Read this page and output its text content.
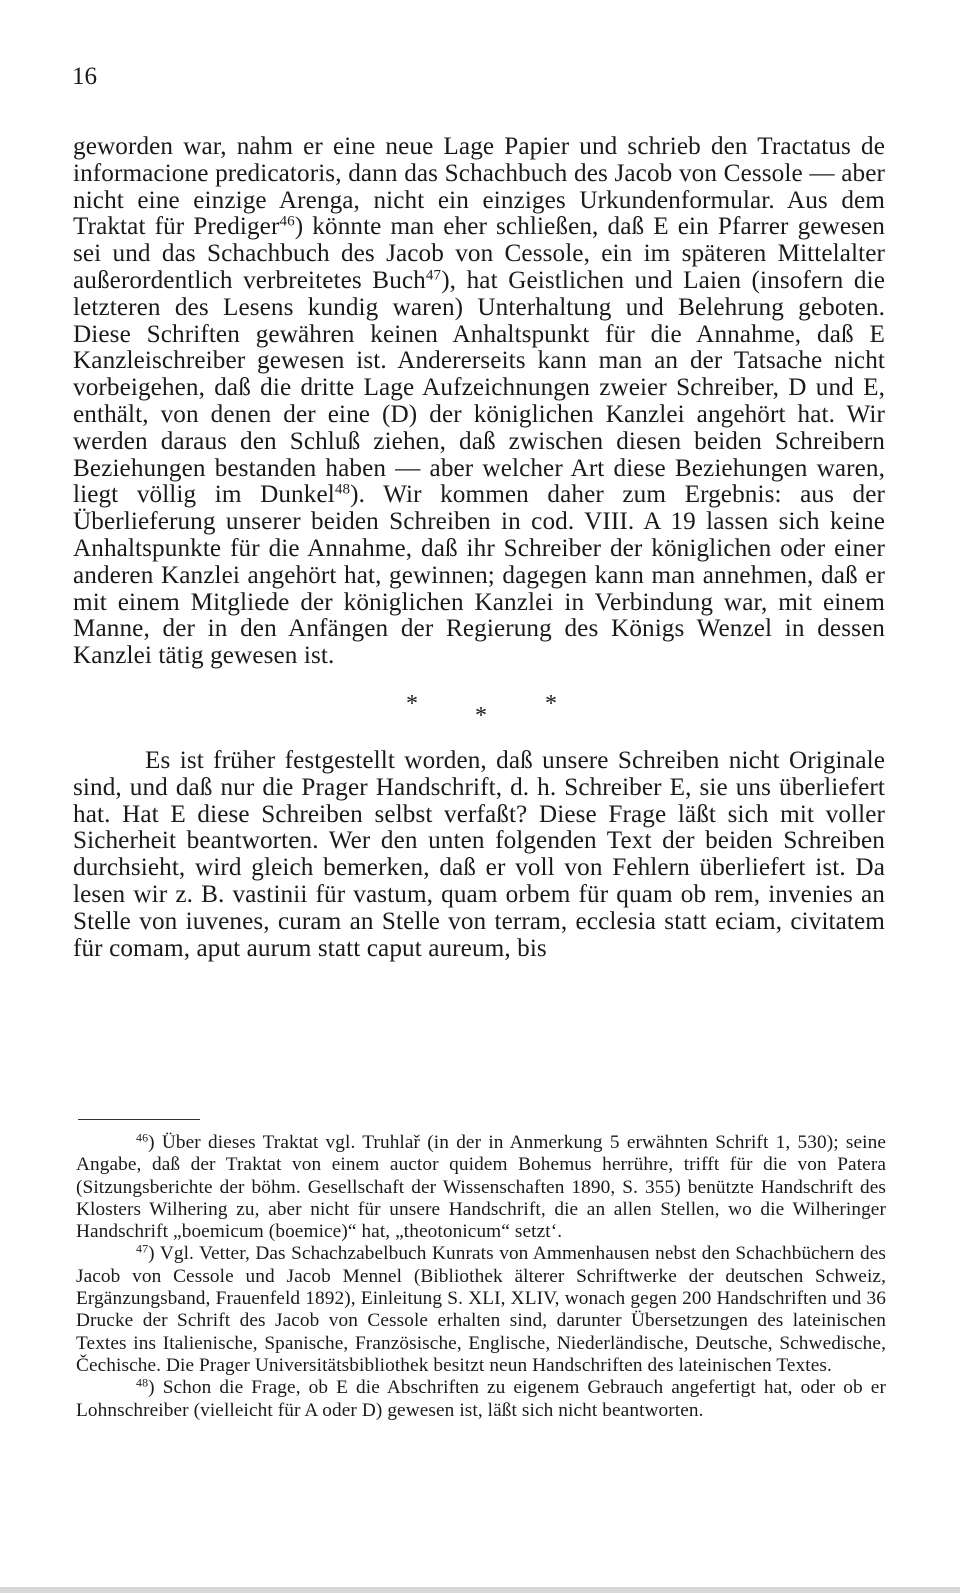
16

geworden war, nahm er eine neue Lage Papier und schrieb den Tractatus de informacione predicatoris, dann das Schachbuch des Jacob von Cessole — aber nicht eine einzige Arenga, nicht ein einziges Urkundenformular. Aus dem Traktat für Prediger$^{46}$) könnte man eher schließen, daß E ein Pfarrer gewesen sei und das Schachbuch des Jacob von Cessole, ein im späteren Mittelalter außerordentlich verbreitetes Buch$^{47}$), hat Geistlichen und Laien (insofern die letzteren des Lesens kundig waren) Unterhaltung und Belehrung geboten. Diese Schriften gewähren keinen Anhaltspunkt für die Annahme, daß E Kanzleischreiber gewesen ist. Andererseits kann man an der Tatsache nicht vorbeigehen, daß die dritte Lage Aufzeichnungen zweier Schreiber, D und E, enthält, von denen der eine (D) der königlichen Kanzlei angehört hat. Wir werden daraus den Schluß ziehen, daß zwischen diesen beiden Schreibern Beziehungen bestanden haben — aber welcher Art diese Beziehungen waren, liegt völlig im Dunkel$^{48}$). Wir kommen daher zum Ergebnis: aus der Überlieferung unserer beiden Schreiben in cod. VIII. A 19 lassen sich keine Anhaltspunkte für die Annahme, daß ihr Schreiber der königlichen oder einer anderen Kanzlei angehört hat, gewinnen; dagegen kann man annehmen, daß er mit einem Mitgliede der königlichen Kanzlei in Verbindung war, mit einem Manne, der in den Anfängen der Regierung des Königs Wenzel in dessen Kanzlei tätig gewesen ist.

* * *

Es ist früher festgestellt worden, daß unsere Schreiben nicht Originale sind, und daß nur die Prager Handschrift, d. h. Schreiber E, sie uns überliefert hat. Hat E diese Schreiben selbst verfaßt? Diese Frage läßt sich mit voller Sicherheit beantworten. Wer den unten folgenden Text der beiden Schreiben durchsieht, wird gleich bemerken, daß er voll von Fehlern überliefert ist. Da lesen wir z. B. vastinii für vastum, quam orbem für quam ob rem, invenies an Stelle von iuvenes, curam an Stelle von terram, ecclesia statt eciam, civitatem für comam, aput aurum statt caput aureum, bis

$^{46}$) Über dieses Traktat vgl. Truhlař (in der in Anmerkung 5 erwähnten Schrift 1, 530); seine Angabe, daß der Traktat von einem auctor quidem Bohemus herrühre, trifft für die von Patera (Sitzungsberichte der böhm. Gesellschaft der Wissenschaften 1890, S. 355) benützte Handschrift des Klosters Wilhering zu, aber nicht für unsere Handschrift, die an allen Stellen, wo die Wilheringer Handschrift „boemicum (boemice)“ hat, „theotonicum“ setzt‘.

$^{47}$) Vgl. Vetter, Das Schachzabelbuch Kunrats von Ammenhausen nebst den Schachbüchern des Jacob von Cessole und Jacob Mennel (Bibliothek älterer Schriftwerke der deutschen Schweiz, Ergänzungsband, Frauenfeld 1892), Einleitung S. XLI, XLIV, wonach gegen 200 Handschriften und 36 Drucke der Schrift des Jacob von Cessole erhalten sind, darunter Übersetzungen des lateinischen Textes ins Italienische, Spanische, Französische, Englische, Niederländische, Deutsche, Schwedische, Čechische. Die Prager Universitätsbibliothek besitzt neun Handschriften des lateinischen Textes.

$^{48}$) Schon die Frage, ob E die Abschriften zu eigenem Gebrauch angefertigt hat, oder ob er Lohnschreiber (vielleicht für A oder D) gewesen ist, läßt sich nicht beantworten.
